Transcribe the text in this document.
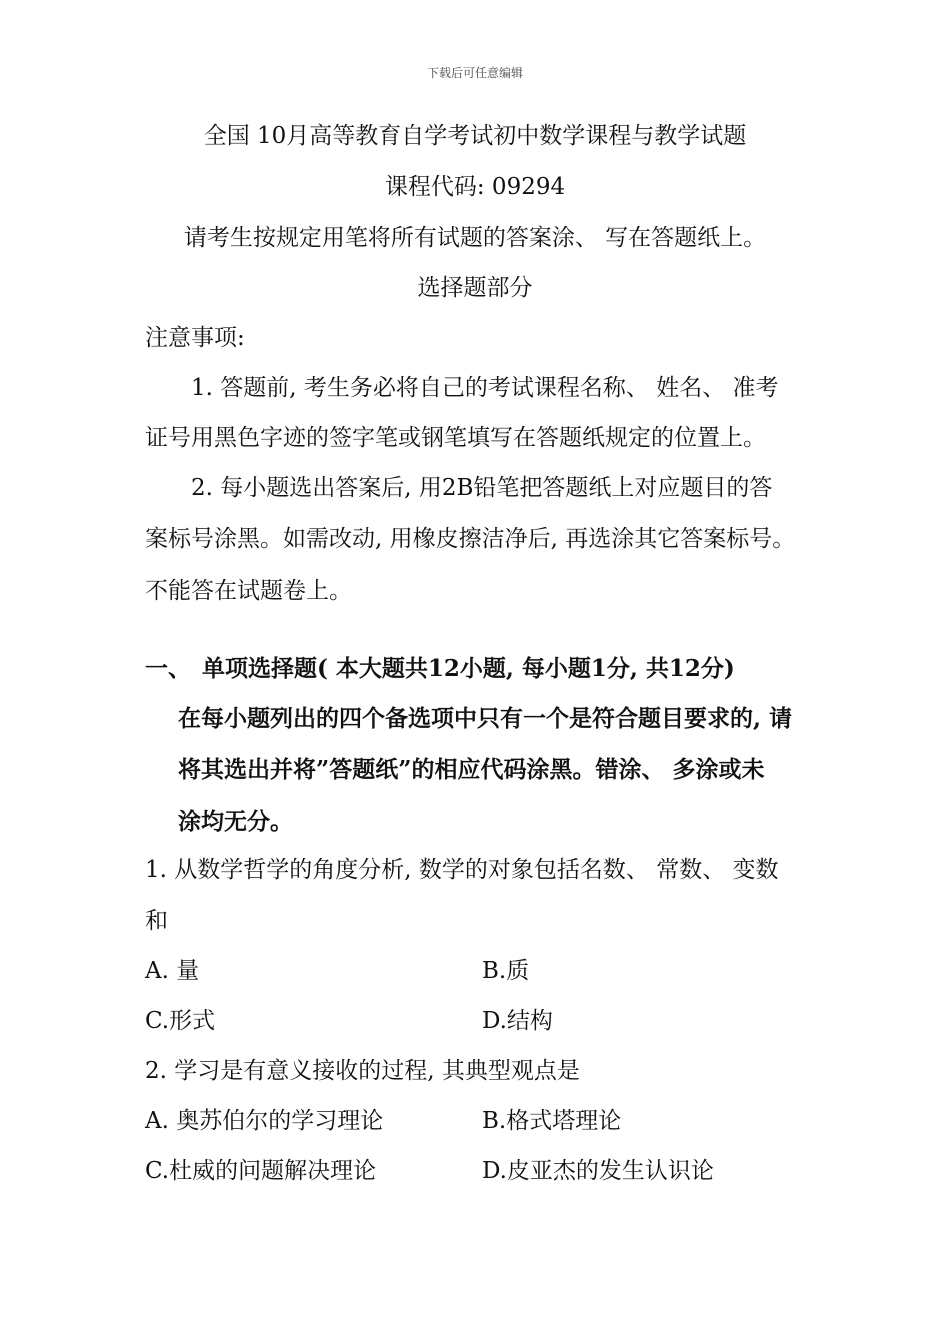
下载后可任意编辑
全国 10月高等教育自学考试初中数学课程与教学试题
课程代码: 09294
请考生按规定用笔将所有试题的答案涂、 写在答题纸上。
选择题部分
注意事项:
1. 答题前, 考生务必将自己的考试课程名称、 姓名、 准考
证号用黑色字迹的签字笔或钢笔填写在答题纸规定的位置上。
2. 每小题选出答案后, 用2B铅笔把答题纸上对应题目的答
案标号涂黑。如需改动, 用橡皮擦洁净后, 再选涂其它答案标号。
不能答在试题卷上。
一、 单项选择题( 本大题共12小题, 每小题1分, 共12分)
在每小题列出的四个备选项中只有一个是符合题目要求的, 请
将其选出并将”答题纸”的相应代码涂黑。错涂、 多涂或未
涂均无分。
1. 从数学哲学的角度分析, 数学的对象包括名数、 常数、 变数
和
A. 量	B.质
C.形式	D.结构
2. 学习是有意义接收的过程, 其典型观点是
A. 奥苏伯尔的学习理论	B.格式塔理论
C.杜威的问题解决理论	D.皮亚杰的发生认识论
